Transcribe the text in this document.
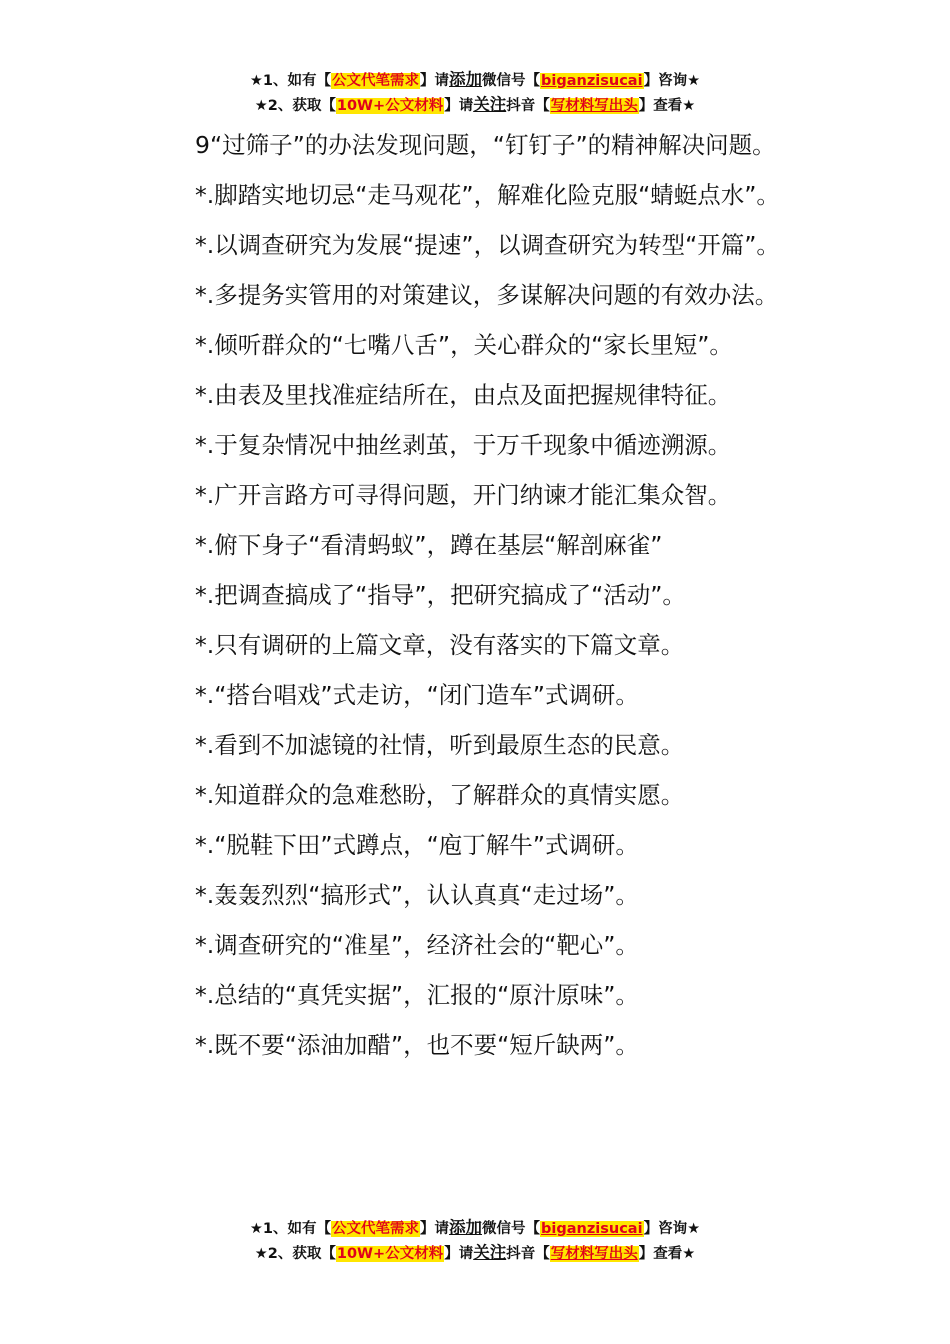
★1、如有【公文代笔需求】请添加微信号【biganzisucai】咨询★
★2、获取【10W+公文材料】请关注抖音【写材料写出头】查看★

9“过筛子”的办法发现问题，“钉钉子”的精神解决问题。

*.脚踏实地切忌“走马观花”，解难化险克服“蜻蜓点水”。

*.以调查研究为发展“提速”，以调查研究为转型“开篇”。

*.多提务实管用的对策建议，多谋解决问题的有效办法。

*.倾听群众的“七嘴八舌”，关心群众的“家长里短”。

*.由表及里找准症结所在，由点及面把握规律特征。

*.于复杂情况中抽丝剥茧，于万千现象中循迹溯源。

*.广开言路方可寻得问题，开门纳谏才能汇集众智。

*.俯下身子“看清蚂蚁”，蹲在基层“解剖麻雀”

*.把调查搞成了“指导”，把研究搞成了“活动”。

*.只有调研的上篇文章，没有落实的下篇文章。

*.“搭台唱戏”式走访，“闭门造车”式调研。

*.看到不加滤镜的社情，听到最原生态的民意。

*.知道群众的急难愁盼，了解群众的真情实愿。

*.“脱鞋下田”式蹲点，“庖丁解牛”式调研。

*.轰轰烈烈“搞形式”，认认真真“走过场”。

*.调查研究的“准星”，经济社会的“靶心”。

*.总结的“真凭实据”，汇报的“原汁原味”。

*.既不要“添油加醋”，也不要“短斤缺两”。

★1、如有【公文代笔需求】请添加微信号【biganzisucai】咨询★
★2、获取【10W+公文材料】请关注抖音【写材料写出头】查看★
